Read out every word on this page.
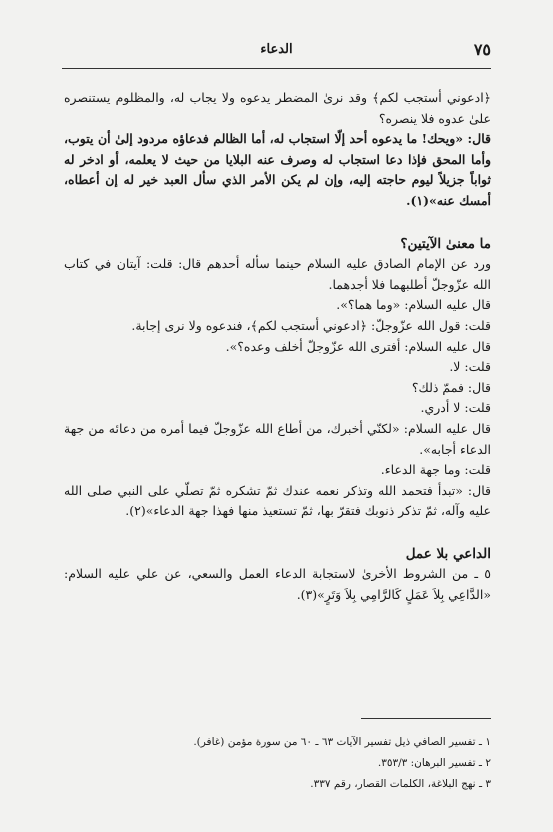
الدعاء	٧٥

﴿ادعوني أستجب لكم﴾ وقد نرىٰ المضطر يدعوه ولا يجاب له، والمظلوم يستنصره علىٰ عدوه فلا ينصره؟

قال: «ويحك! ما يدعوه أحد إلّا استجاب له، أما الظالم فدعاؤه مردود إلىٰ أن يتوب، وأما المحق فإذا دعا استجاب له وصرف عنه البلايا من حيث لا يعلمه، أو ادخر له ثواباً جزيلاً ليوم حاجته إليه، وإن لم يكن الأمر الذي سأل العبد خير له إن أعطاه، أمسك عنه»(١).

ما معنىٰ الآيتين؟

ورد عن الإمام الصادق عليه السلام حينما سأله أحدهم قال: قلت: آيتان في كتاب الله عزّوجلّ أطلبهما فلا أجدهما.

قال عليه السلام: «وما هما؟».

قلت: قول الله عزّوجلّ: ﴿ادعوني أستجب لكم﴾، فندعوه ولا نرى إجابة.

قال عليه السلام: أفترى الله عزّوجلّ أخلف وعده؟».

قلت: لا.

قال: فممّ ذلك؟

قلت: لا أدري.

قال عليه السلام: «لكنّي أخبرك، من أطاع الله عزّوجلّ فيما أمره من دعائه من جهة الدعاء أجابه».

قلت: وما جهة الدعاء.

قال: «تبدأ فتحمد الله وتذكر نعمه عندك ثمّ تشكره ثمّ تصلّي على النبي صلى الله عليه وآله، ثمّ تذكر ذنوبك فتقرّ بها، ثمّ تستعيذ منها فهذا جهة الدعاء»(٢).

الداعي بلا عمل

٥ ـ من الشروط الأخرىٰ لاستجابة الدعاء العمل والسعي، عن علي عليه السلام: «الدَّاعِي بِلاَ عَمَلٍ كَالرَّامِي بِلاَ وَتَرٍ»(٣).

١ ـ تفسير الصافي ذيل تفسير الآيات ٦٣ ـ ٦٠ من سورة مؤمن (غافر).

٢ ـ تفسير البرهان: ٣٥٣/٣.

٣ ـ نهج البلاغة، الكلمات القصار، رقم ٣٣٧.
